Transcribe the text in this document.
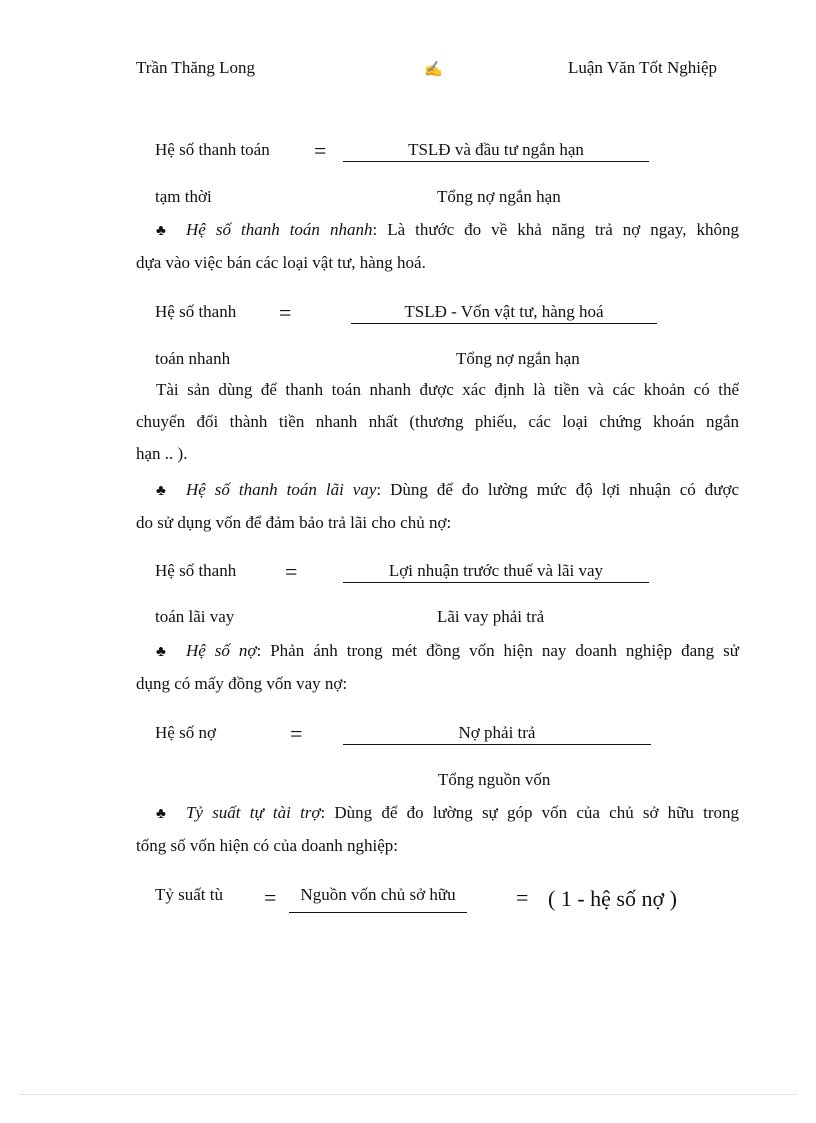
Trần Thăng Long	✍	Luận Văn Tốt Nghiệp
Hệ số thanh toán =	TSLĐ và đầu tư ngắn hạn
tạm thời	Tổng nợ ngắn hạn
♣ Hệ số thanh toán nhanh: Là thước đo về khả năng trả nợ ngay, không
dựa vào việc bán các loại vật tư, hàng hoá.
Hệ số thanh =	TSLĐ - Vốn vật tư, hàng hoá
toán nhanh	Tổng nợ ngắn hạn
Tài sản dùng để thanh toán nhanh được xác định là tiền và các khoản có thể
chuyển đổi thành tiền nhanh nhất (thương phiếu, các loại chứng khoán ngắn
hạn .. ).
♣ Hệ số thanh toán lãi vay: Dùng để đo lường mức độ lợi nhuận có được
do sử dụng vốn để đảm bảo trả lãi cho chủ nợ:
Hệ số thanh =	Lợi nhuận trước thuế và lãi vay
toán lãi vay	Lãi vay phải trả
♣ Hệ số nợ: Phản ánh trong mét đồng vốn hiện nay doanh nghiệp đang sử
dụng có mấy đồng vốn vay nợ:
Hệ số nợ	=	Nợ phải trả
Tổng nguồn vốn
♣ Tỷ suất tự tài trợ: Dùng để đo lường sự góp vốn của chủ sở hữu trong
tổng số vốn hiện có của doanh nghiệp:
Tỷ suất tù =	Nguồn vốn chủ sở hữu	= ( 1 - hệ số nợ )
